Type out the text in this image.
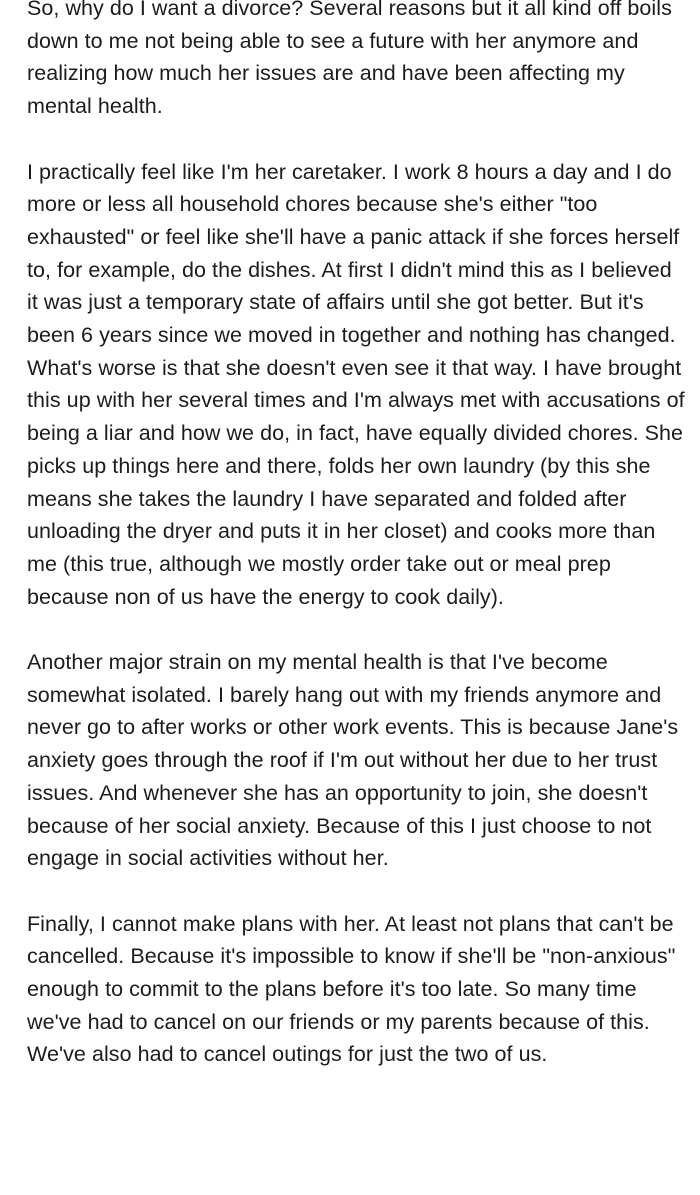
So, why do I want a divorce? Several reasons but it all kind off boils down to me not being able to see a future with her anymore and realizing how much her issues are and have been affecting my mental health.

I practically feel like I'm her caretaker. I work 8 hours a day and I do more or less all household chores because she's either "too exhausted" or feel like she'll have a panic attack if she forces herself to, for example, do the dishes. At first I didn't mind this as I believed it was just a temporary state of affairs until she got better. But it's been 6 years since we moved in together and nothing has changed. What's worse is that she doesn't even see it that way. I have brought this up with her several times and I'm always met with accusations of being a liar and how we do, in fact, have equally divided chores. She picks up things here and there, folds her own laundry (by this she means she takes the laundry I have separated and folded after unloading the dryer and puts it in her closet) and cooks more than me (this true, although we mostly order take out or meal prep because non of us have the energy to cook daily).

Another major strain on my mental health is that I've become somewhat isolated. I barely hang out with my friends anymore and never go to after works or other work events. This is because Jane's anxiety goes through the roof if I'm out without her due to her trust issues. And whenever she has an opportunity to join, she doesn't because of her social anxiety. Because of this I just choose to not engage in social activities without her.

Finally, I cannot make plans with her. At least not plans that can't be cancelled. Because it's impossible to know if she'll be "non-anxious" enough to commit to the plans before it's too late. So many time we've had to cancel on our friends or my parents because of this. We've also had to cancel outings for just the two of us.
